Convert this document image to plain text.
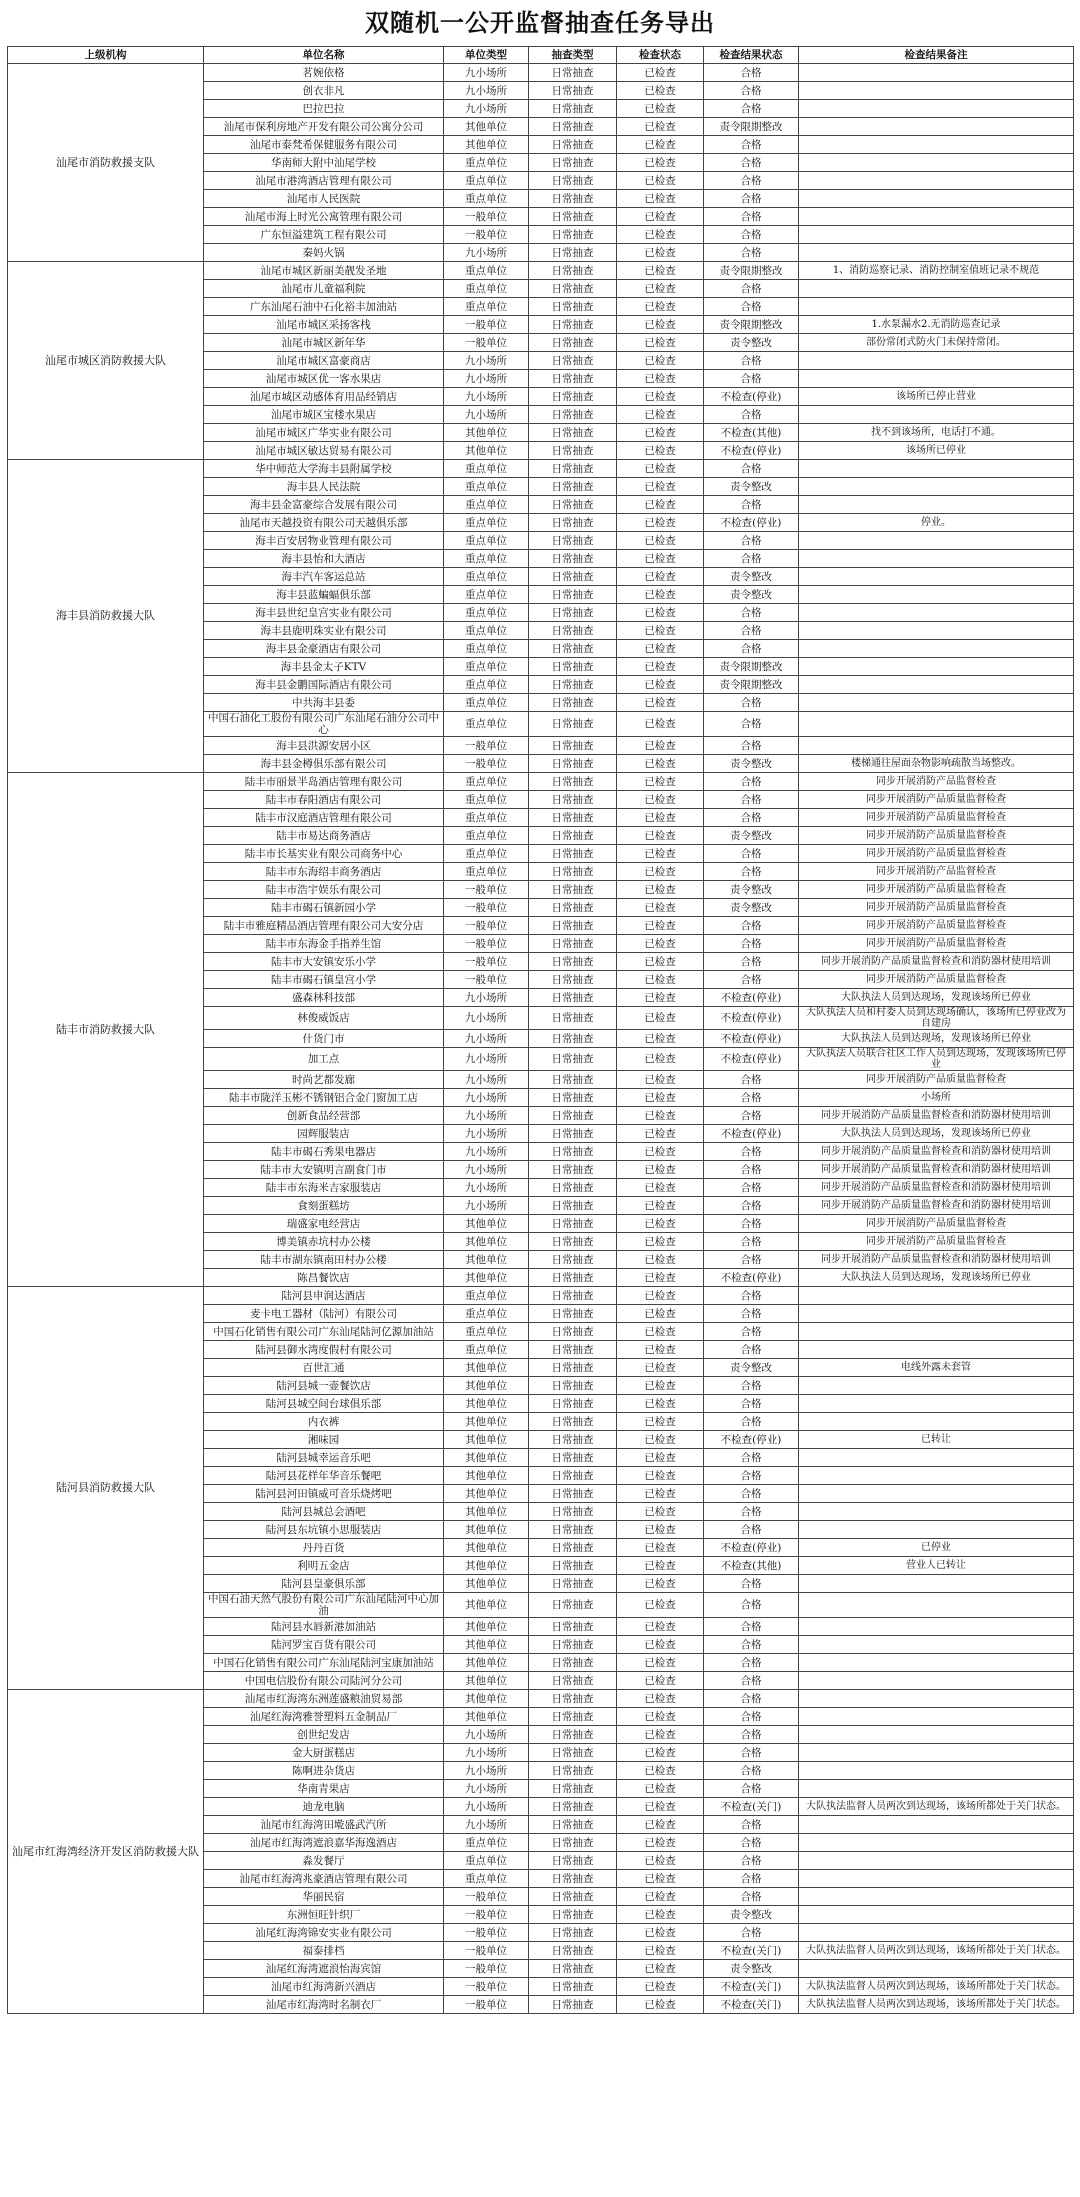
双随机一公开监督抽查任务导出
上级机构	单位名称	单位类型	抽查类型	检查状态	检查结果状态	检查结果备注
汕尾市消防救援支队	茗婉依格	九小场所	日常抽查	已检查	合格	
	创衣非凡	九小场所	日常抽查	已检查	合格	
	巴拉巴拉	九小场所	日常抽查	已检查	合格	
	汕尾市保利房地产开发有限公司公寓分公司	其他单位	日常抽查	已检查	责令限期整改	
	汕尾市泰梵希保健服务有限公司	其他单位	日常抽查	已检查	合格	
	华南师大附中汕尾学校	重点单位	日常抽查	已检查	合格	
	汕尾市港湾酒店管理有限公司	重点单位	日常抽查	已检查	合格	
	汕尾市人民医院	重点单位	日常抽查	已检查	合格	
	汕尾市海上时光公寓管理有限公司	一般单位	日常抽查	已检查	合格	
	广东恒溢建筑工程有限公司	一般单位	日常抽查	已检查	合格	
	秦妈火锅	九小场所	日常抽查	已检查	合格	
汕尾市城区消防救援大队	汕尾市城区新丽美靓发圣地	重点单位	日常抽查	已检查	责令限期整改	1、消防巡察记录、消防控制室值班记录不规范
	汕尾市儿童福利院	重点单位	日常抽查	已检查	合格	
	广东汕尾石油中石化裕丰加油站	重点单位	日常抽查	已检查	合格	
	汕尾市城区采扬客栈	一般单位	日常抽查	已检查	责令限期整改	1.水泵漏水2.无消防巡查记录
	汕尾市城区新年华	一般单位	日常抽查	已检查	责令整改	部份常闭式防火门未保持常闭。
	汕尾市城区富豪商店	九小场所	日常抽查	已检查	合格	
	汕尾市城区优一客水果店	九小场所	日常抽查	已检查	合格	
	汕尾市城区动感体育用品经销店	九小场所	日常抽查	已检查	不检查(停业)	该场所已停止营业
	汕尾市城区宝楼水果店	九小场所	日常抽查	已检查	合格	
	汕尾市城区广华实业有限公司	其他单位	日常抽查	已检查	不检查(其他)	找不到该场所，电话打不通。
	汕尾市城区敏达贸易有限公司	其他单位	日常抽查	已检查	不检查(停业)	该场所已停业
海丰县消防救援大队	华中师范大学海丰县附属学校	重点单位	日常抽查	已检查	合格	
	海丰县人民法院	重点单位	日常抽查	已检查	责令整改	
	海丰县金富豪综合发展有限公司	重点单位	日常抽查	已检查	合格	
	汕尾市天越投资有限公司天越俱乐部	重点单位	日常抽查	已检查	不检查(停业)	停业。
	海丰百安居物业管理有限公司	重点单位	日常抽查	已检查	合格	
	海丰县怡和大酒店	重点单位	日常抽查	已检查	合格	
	海丰汽车客运总站	重点单位	日常抽查	已检查	责令整改	
	海丰县蓝蝙蝠俱乐部	重点单位	日常抽查	已检查	责令整改	
	海丰县世纪皇宫实业有限公司	重点单位	日常抽查	已检查	合格	
	海丰县鹿明珠实业有限公司	重点单位	日常抽查	已检查	合格	
	海丰县金豪酒店有限公司	重点单位	日常抽查	已检查	合格	
	海丰县金太子KTV	重点单位	日常抽查	已检查	责令限期整改	
	海丰县金鹏国际酒店有限公司	重点单位	日常抽查	已检查	责令限期整改	
	中共海丰县委	重点单位	日常抽查	已检查	合格	
	中国石油化工股份有限公司广东汕尾石油分公司中心	重点单位	日常抽查	已检查	合格	
	海丰县洪源安居小区	一般单位	日常抽查	已检查	合格	
	海丰县金樽俱乐部有限公司	一般单位	日常抽查	已检查	责令整改	楼梯通往屋面杂物影响疏散当场整改。
陆丰市消防救援大队	陆丰市丽景半岛酒店管理有限公司	重点单位	日常抽查	已检查	合格	同步开展消防产品监督检查
	陆丰市春阳酒店有限公司	重点单位	日常抽查	已检查	合格	同步开展消防产品质量监督检查
	陆丰市汉庭酒店管理有限公司	重点单位	日常抽查	已检查	合格	同步开展消防产品质量监督检查
	陆丰市易达商务酒店	重点单位	日常抽查	已检查	责令整改	同步开展消防产品质量监督检查
	陆丰市长基实业有限公司商务中心	重点单位	日常抽查	已检查	合格	同步开展消防产品质量监督检查
	陆丰市东海绍丰商务酒店	重点单位	日常抽查	已检查	合格	同步开展消防产品监督检查
	陆丰市浩宇娱乐有限公司	一般单位	日常抽查	已检查	责令整改	同步开展消防产品质量监督检查
	陆丰市碣石镇新园小学	一般单位	日常抽查	已检查	责令整改	同步开展消防产品质量监督检查
	陆丰市雅庭精品酒店管理有限公司大安分店	一般单位	日常抽查	已检查	合格	同步开展消防产品质量监督检查
	陆丰市东海金手指养生馆	一般单位	日常抽查	已检查	合格	同步开展消防产品质量监督检查
	陆丰市大安镇安乐小学	一般单位	日常抽查	已检查	合格	同步开展消防产品质量监督检查和消防器材使用培训
	陆丰市碣石镇皇宫小学	一般单位	日常抽查	已检查	合格	同步开展消防产品质量监督检查
	盛森林科技部	九小场所	日常抽查	已检查	不检查(停业)	大队执法人员到达现场，发现该场所已停业
	林俊威饭店	九小场所	日常抽查	已检查	不检查(停业)	大队执法人员和村委人员到达现场确认，该场所已停业改为自建房
	什货门市	九小场所	日常抽查	已检查	不检查(停业)	大队执法人员到达现场，发现该场所已停业
	加工点	九小场所	日常抽查	已检查	不检查(停业)	大队执法人员联合社区工作人员到达现场，发现该场所已停业
	时尚艺都发廊	九小场所	日常抽查	已检查	合格	同步开展消防产品质量监督检查
	陆丰市陇洋玉彬不锈钢铝合金门窗加工店	九小场所	日常抽查	已检查	合格	小场所
	创新食品经营部	九小场所	日常抽查	已检查	合格	同步开展消防产品质量监督检查和消防器材使用培训
	园辉服装店	九小场所	日常抽查	已检查	不检查(停业)	大队执法人员到达现场，发现该场所已停业
	陆丰市碣石秀果电器店	九小场所	日常抽查	已检查	合格	同步开展消防产品质量监督检查和消防器材使用培训
	陆丰市大安镇明言副食门市	九小场所	日常抽查	已检查	合格	同步开展消防产品质量监督检查和消防器材使用培训
	陆丰市东海米吉家服装店	九小场所	日常抽查	已检查	合格	同步开展消防产品质量监督检查和消防器材使用培训
	食刻蛋糕坊	九小场所	日常抽查	已检查	合格	同步开展消防产品质量监督检查和消防器材使用培训
	瑞盛家电经营店	其他单位	日常抽查	已检查	合格	同步开展消防产品质量监督检查
	博美镇赤坑村办公楼	其他单位	日常抽查	已检查	合格	同步开展消防产品质量监督检查
	陆丰市湖东镇南田村办公楼	其他单位	日常抽查	已检查	合格	同步开展消防产品质量监督检查和消防器材使用培训
	陈昌餐饮店	其他单位	日常抽查	已检查	不检查(停业)	大队执法人员到达现场，发现该场所已停业
陆河县消防救援大队	陆河县申润达酒店	重点单位	日常抽查	已检查	合格	
	麦卡电工器材（陆河）有限公司	重点单位	日常抽查	已检查	合格	
	中国石化销售有限公司广东汕尾陆河亿源加油站	重点单位	日常抽查	已检查	合格	
	陆河县御水湾度假村有限公司	重点单位	日常抽查	已检查	合格	
	百世汇通	其他单位	日常抽查	已检查	责令整改	电线外露未套管
	陆河县城一壶餐饮店	其他单位	日常抽查	已检查	合格	
	陆河县城空间台球俱乐部	其他单位	日常抽查	已检查	合格	
	内衣裤	其他单位	日常抽查	已检查	合格	
	湘味园	其他单位	日常抽查	已检查	不检查(停业)	已转让
	陆河县城幸运音乐吧	其他单位	日常抽查	已检查	合格	
	陆河县花样年华音乐餐吧	其他单位	日常抽查	已检查	合格	
	陆河县河田镇威可音乐烧烤吧	其他单位	日常抽查	已检查	合格	
	陆河县城总会酒吧	其他单位	日常抽查	已检查	合格	
	陆河县东坑镇小思服装店	其他单位	日常抽查	已检查	合格	
	丹丹百货	其他单位	日常抽查	已检查	不检查(停业)	已停业
	利明五金店	其他单位	日常抽查	已检查	不检查(其他)	营业人已转让
	陆河县皇豪俱乐部	其他单位	日常抽查	已检查	合格	
	中国石油天然气股份有限公司广东汕尾陆河中心加油	其他单位	日常抽查	已检查	合格	
	陆河县水唇新港加油站	其他单位	日常抽查	已检查	合格	
	陆河罗宝百货有限公司	其他单位	日常抽查	已检查	合格	
	中国石化销售有限公司广东汕尾陆河宝康加油站	其他单位	日常抽查	已检查	合格	
	中国电信股份有限公司陆河分公司	其他单位	日常抽查	已检查	合格	
汕尾市红海湾经济开发区消防救援大队	汕尾市红海湾东洲莲盛粮油贸易部	其他单位	日常抽查	已检查	合格	
	汕尾红海湾雅誉塑料五金制品厂	其他单位	日常抽查	已检查	合格	
	创世纪发店	九小场所	日常抽查	已检查	合格	
	金大厨蛋糕店	九小场所	日常抽查	已检查	合格	
	陈啊进杂货店	九小场所	日常抽查	已检查	合格	
	华南青果店	九小场所	日常抽查	已检查	合格	
	迪龙电脑	九小场所	日常抽查	已检查	不检查(关门)	大队执法监督人员两次到达现场，该场所都处于关门状态。
	汕尾市红海湾田墘盛武汽所	九小场所	日常抽查	已检查	合格	
	汕尾市红海湾遮浪嘉华海逸酒店	重点单位	日常抽查	已检查	合格	
	淼发餐厅	重点单位	日常抽查	已检查	合格	
	汕尾市红海湾兆豪酒店管理有限公司	重点单位	日常抽查	已检查	合格	
	华丽民宿	一般单位	日常抽查	已检查	合格	
	东洲恒旺针织厂	一般单位	日常抽查	已检查	责令整改	
	汕尾红海湾锦安实业有限公司	一般单位	日常抽查	已检查	合格	
	福泰排档	一般单位	日常抽查	已检查	不检查(关门)	大队执法监督人员两次到达现场，该场所都处于关门状态。
	汕尾红海湾遮浪怡海宾馆	一般单位	日常抽查	已检查	责令整改	
	汕尾市红海湾新兴酒店	一般单位	日常抽查	已检查	不检查(关门)	大队执法监督人员两次到达现场，该场所都处于关门状态。
	汕尾市红海湾时名制衣厂	一般单位	日常抽查	已检查	不检查(关门)	大队执法监督人员两次到达现场，该场所都处于关门状态。
